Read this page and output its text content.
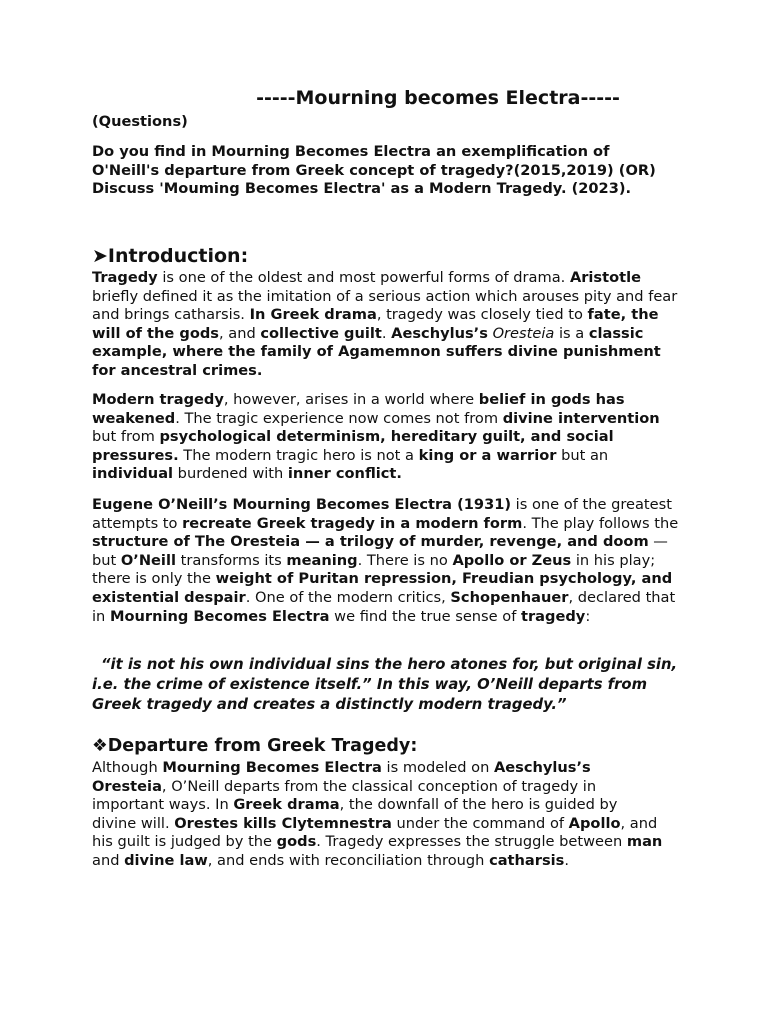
-----Mourning becomes Electra-----
(Questions)
Do you find in Mourning Becomes Electra an exemplification of O'Neill's departure from Greek concept of tragedy?(2015,2019) (OR) Discuss 'Mouming Becomes Electra' as a Modern Tragedy. (2023).
➤Introduction:
Tragedy is one of the oldest and most powerful forms of drama. Aristotle briefly defined it as the imitation of a serious action which arouses pity and fear and brings catharsis. In Greek drama, tragedy was closely tied to fate, the will of the gods, and collective guilt. Aeschylus’s Oresteia is a classic example, where the family of Agamemnon suffers divine punishment for ancestral crimes.
Modern tragedy, however, arises in a world where belief in gods has weakened. The tragic experience now comes not from divine intervention but from psychological determinism, hereditary guilt, and social pressures. The modern tragic hero is not a king or a warrior but an individual burdened with inner conflict.
Eugene O’Neill’s Mourning Becomes Electra (1931) is one of the greatest attempts to recreate Greek tragedy in a modern form. The play follows the structure of The Oresteia — a trilogy of murder, revenge, and doom — but O’Neill transforms its meaning. There is no Apollo or Zeus in his play; there is only the weight of Puritan repression, Freudian psychology, and existential despair. One of the modern critics, Schopenhauer, declared that in Mourning Becomes Electra we find the true sense of tragedy:
“it is not his own individual sins the hero atones for, but original sin, i.e. the crime of existence itself.” In this way, O’Neill departs from Greek tragedy and creates a distinctly modern tragedy.”
❖Departure from Greek Tragedy:
Although Mourning Becomes Electra is modeled on Aeschylus’s Oresteia, O’Neill departs from the classical conception of tragedy in important ways. In Greek drama, the downfall of the hero is guided by divine will. Orestes kills Clytemnestra under the command of Apollo, and his guilt is judged by the gods. Tragedy expresses the struggle between man and divine law, and ends with reconciliation through catharsis.
